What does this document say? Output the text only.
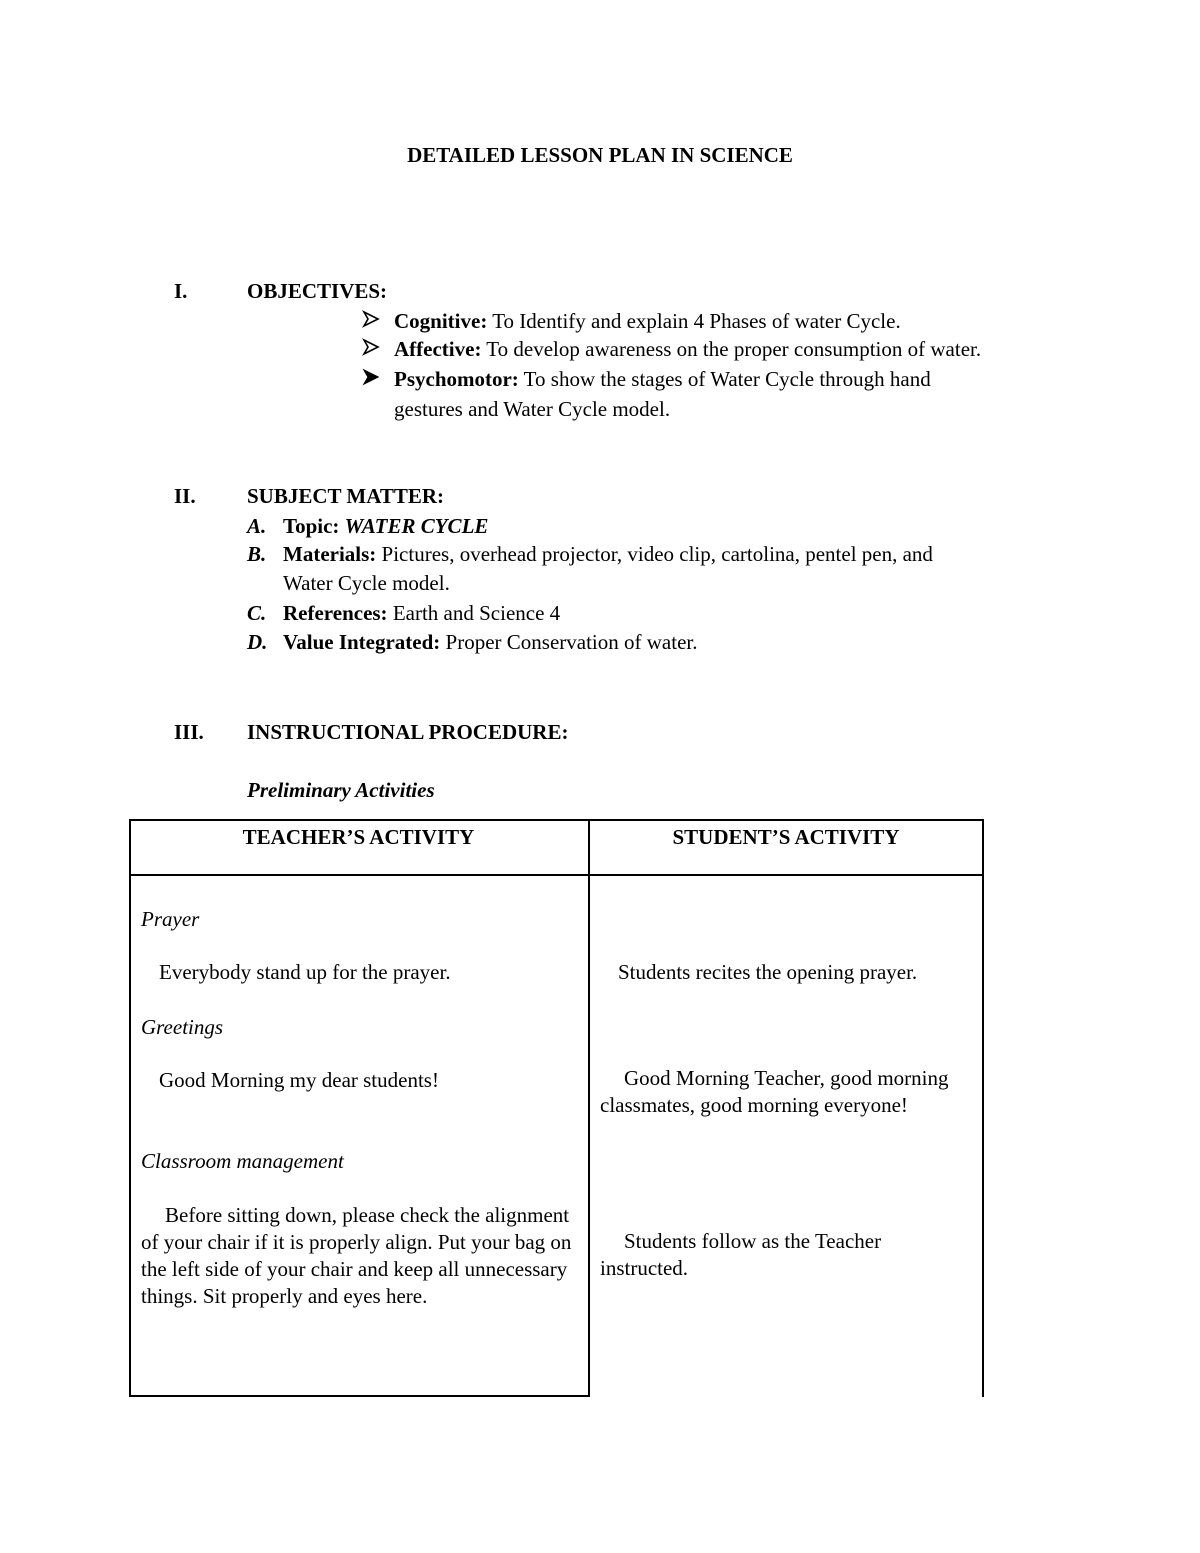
DETAILED LESSON PLAN IN SCIENCE
I.	OBJECTIVES:
Cognitive: To Identify and explain 4 Phases of water Cycle.
Affective: To develop awareness on the proper consumption of water.
Psychomotor: To show the stages of Water Cycle through hand
gestures and Water Cycle model.
II. SUBJECT MATTER:
A. Topic: WATER CYCLE
B. Materials: Pictures, overhead projector, video clip, cartolina, pentel pen, and
Water Cycle model.
C. References: Earth and Science 4
D. Value Integrated: Proper Conservation of water.
III. INSTRUCTIONAL PROCEDURE:
Preliminary Activities
TEACHER’S ACTIVITY	STUDENT’S ACTIVITY
Prayer
Everybody stand up for the prayer.
Greetings
Good Morning my dear students!
Classroom management
Before sitting down, please check the alignment of your chair if it is properly align. Put your bag on the left side of your chair and keep all unnecessary things. Sit properly and eyes here.
Students recites the opening prayer.
Good Morning Teacher, good morning classmates, good morning everyone!
Students follow as the Teacher instructed.
